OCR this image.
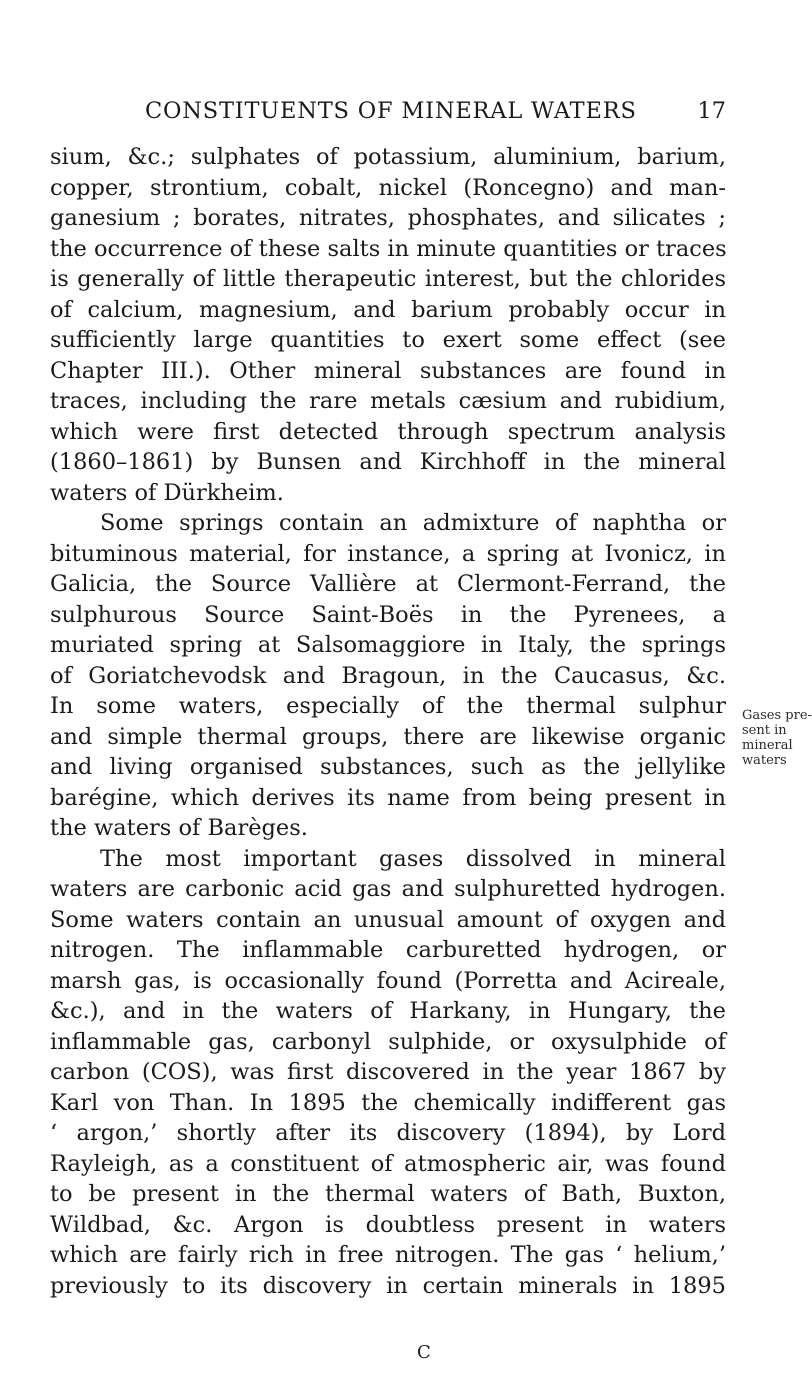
CONSTITUENTS OF MINERAL WATERS	17
sium, &c.; sulphates of potassium, aluminium, barium,
copper, strontium, cobalt, nickel (Roncegno) and man-
ganesium ; borates, nitrates, phosphates, and silicates ;
the occurrence of these salts in minute quantities or traces
is generally of little therapeutic interest, but the chlorides
of calcium, magnesium, and barium probably occur in
sufficiently large quantities to exert some effect (see
Chapter III.). Other mineral substances are found in
traces, including the rare metals cæsium and rubidium,
which were first detected through spectrum analysis
(1860–1861) by Bunsen and Kirchhoff in the mineral
waters of Dürkheim.
Some springs contain an admixture of naphtha or
bituminous material, for instance, a spring at Ivonicz, in
Galicia, the Source Vallière at Clermont-Ferrand, the
sulphurous Source Saint-Boës in the Pyrenees, a
muriated spring at Salsomaggiore in Italy, the springs
of Goriatchevodsk and Bragoun, in the Caucasus, &c.
In some waters, especially of the thermal sulphur
and simple thermal groups, there are likewise organic
and living organised substances, such as the jellylike
barégine, which derives its name from being present in
the waters of Barèges.
The most important gases dissolved in mineral
waters are carbonic acid gas and sulphuretted hydrogen.
Some waters contain an unusual amount of oxygen and
nitrogen. The inflammable carburetted hydrogen, or
marsh gas, is occasionally found (Porretta and Acireale,
&c.), and in the waters of Harkany, in Hungary, the
inflammable gas, carbonyl sulphide, or oxysulphide of
carbon (COS), was first discovered in the year 1867 by
Karl von Than. In 1895 the chemically indifferent gas
‘ argon,’ shortly after its discovery (1894), by Lord
Rayleigh, as a constituent of atmospheric air, was found
to be present in the thermal waters of Bath, Buxton,
Wildbad, &c. Argon is doubtless present in waters
which are fairly rich in free nitrogen. The gas ‘ helium,’
previously to its discovery in certain minerals in 1895
Gases pre-
sent in
mineral
waters
C
